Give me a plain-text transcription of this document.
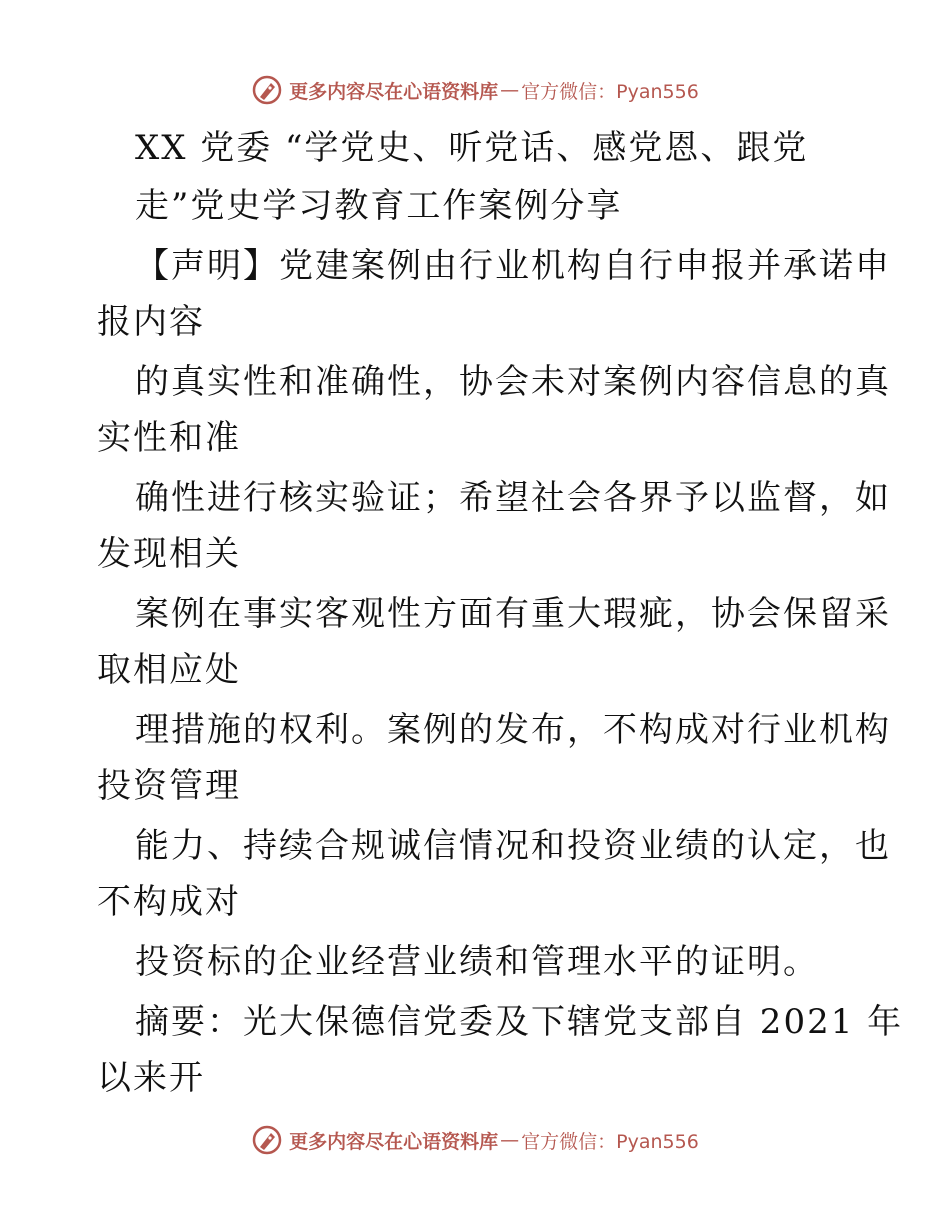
更多内容尽在心语资料库 — 官方微信：Pyan556
XX 党委 “学党史、听党话、感党恩、跟党
走”党史学习教育工作案例分享
【声明】党建案例由行业机构自行申报并承诺申
报内容
的真实性和准确性，协会未对案例内容信息的真
实性和准
确性进行核实验证；希望社会各界予以监督，如
发现相关
案例在事实客观性方面有重大瑕疵，协会保留采
取相应处
理措施的权利。案例的发布，不构成对行业机构
投资管理
能力、持续合规诚信情况和投资业绩的认定，也
不构成对
投资标的企业经营业绩和管理水平的证明。
摘要：光大保德信党委及下辖党支部自 2021 年
以来开
更多内容尽在心语资料库 — 官方微信：Pyan556
